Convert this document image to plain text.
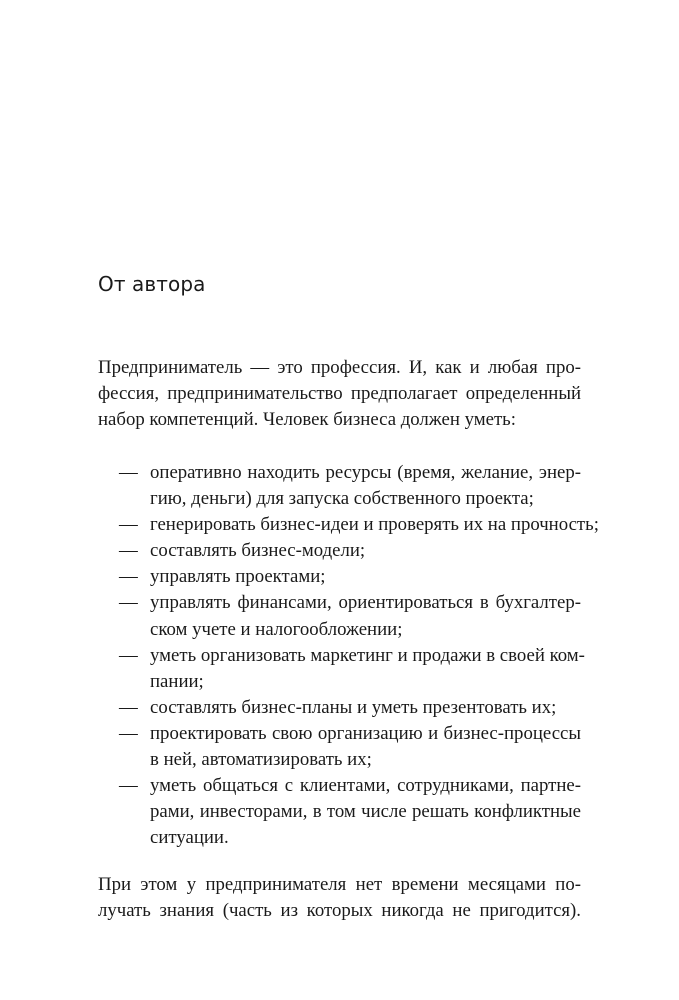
От автора
Предприниматель — это профессия. И, как и любая про-
фессия, предпринимательство предполагает определенный
набор компетенций. Человек бизнеса должен уметь:
— оперативно находить ресурсы (время, желание, энер-
гию, деньги) для запуска собственного проекта;
— генерировать бизнес-идеи и проверять их на прочность;
— составлять бизнес-модели;
— управлять проектами;
— управлять финансами, ориентироваться в бухгалтер-
ском учете и налогообложении;
— уметь организовать маркетинг и продажи в своей ком-
пании;
— составлять бизнес-планы и уметь презентовать их;
— проектировать свою организацию и бизнес-процессы
в ней, автоматизировать их;
— уметь общаться с клиентами, сотрудниками, партне-
рами, инвесторами, в том числе решать конфликтные
ситуации.
При этом у предпринимателя нет времени месяцами по-
лучать знания (часть из которых никогда не пригодится).
